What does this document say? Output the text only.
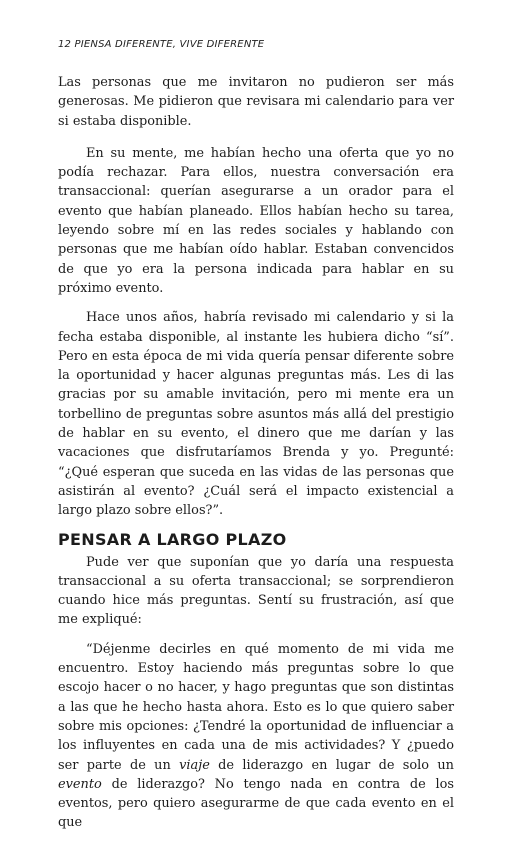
12 PIENSA DIFERENTE, VIVE DIFERENTE

Las personas que me invitaron no pudieron ser más generosas. Me pidieron que revisara mi calendario para ver si estaba disponible.

En su mente, me habían hecho una oferta que yo no podía rechazar. Para ellos, nuestra conversación era transaccional: querían asegurarse a un orador para el evento que habían planeado. Ellos habían hecho su tarea, leyendo sobre mí en las redes sociales y hablando con personas que me habían oído hablar. Estaban convencidos de que yo era la persona indicada para hablar en su próximo evento.

Hace unos años, habría revisado mi calendario y si la fecha estaba disponible, al instante les hubiera dicho “sí”. Pero en esta época de mi vida quería pensar diferente sobre la oportunidad y hacer algunas preguntas más. Les di las gracias por su amable invitación, pero mi mente era un torbellino de preguntas sobre asuntos más allá del prestigio de hablar en su evento, el dinero que me darían y las vacaciones que disfrutaríamos Brenda y yo. Pregunté: “¿Qué esperan que suceda en las vidas de las personas que asistirán al evento? ¿Cuál será el impacto existencial a largo plazo sobre ellos?”.

PENSAR A LARGO PLAZO

Pude ver que suponían que yo daría una respuesta transaccional a su oferta transaccional; se sorprendieron cuando hice más preguntas. Sentí su frustración, así que me expliqué:

“Déjenme decirles en qué momento de mi vida me encuentro. Estoy haciendo más preguntas sobre lo que escojo hacer o no hacer, y hago preguntas que son distintas a las que he hecho hasta ahora. Esto es lo que quiero saber sobre mis opciones: ¿Tendré la oportunidad de influenciar a los influyentes en cada una de mis actividades? Y ¿puedo ser parte de un viaje de liderazgo en lugar de solo un evento de liderazgo? No tengo nada en contra de los eventos, pero quiero asegurarme de que cada evento en el que
